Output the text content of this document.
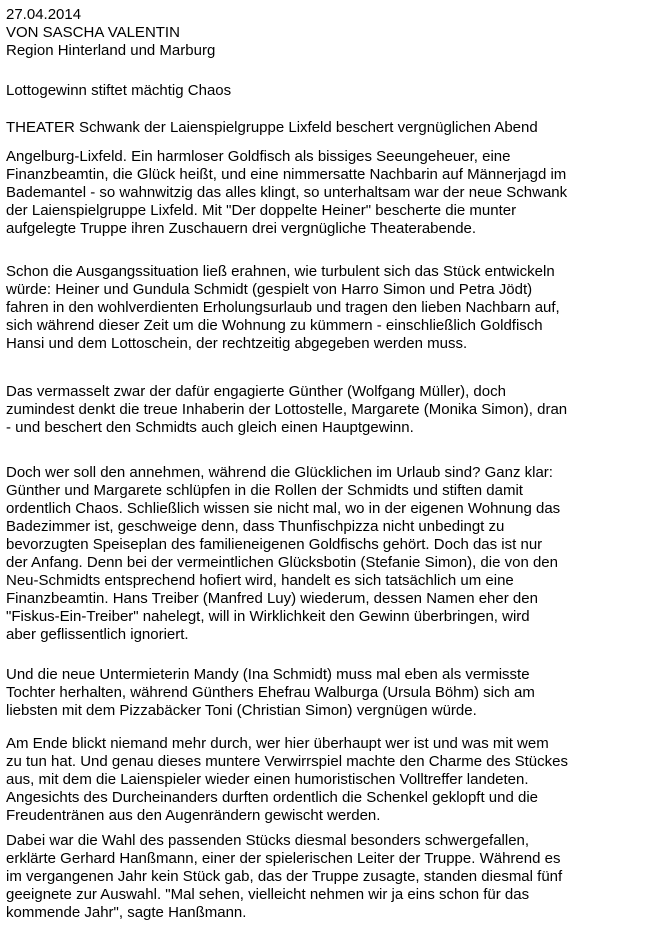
27.04.2014
VON SASCHA VALENTIN
Region Hinterland und Marburg
Lottogewinn stiftet mächtig Chaos
THEATER Schwank der Laienspielgruppe Lixfeld beschert vergnüglichen Abend
Angelburg-Lixfeld. Ein harmloser Goldfisch als bissiges Seeungeheuer, eine
Finanzbeamtin, die Glück heißt, und eine nimmersatte Nachbarin auf Männerjagd im
Bademantel - so wahnwitzig das alles klingt, so unterhaltsam war der neue Schwank
der Laienspielgruppe Lixfeld. Mit "Der doppelte Heiner" bescherte die munter
aufgelegte Truppe ihren Zuschauern drei vergnügliche Theaterabende.
Schon die Ausgangssituation ließ erahnen, wie turbulent sich das Stück entwickeln
würde: Heiner und Gundula Schmidt (gespielt von Harro Simon und Petra Jödt)
fahren in den wohlverdienten Erholungsurlaub und tragen den lieben Nachbarn auf,
sich während dieser Zeit um die Wohnung zu kümmern - einschließlich Goldfisch
Hansi und dem Lottoschein, der rechtzeitig abgegeben werden muss.
Das vermasselt zwar der dafür engagierte Günther (Wolfgang Müller), doch
zumindest denkt die treue Inhaberin der Lottostelle, Margarete (Monika Simon), dran
- und beschert den Schmidts auch gleich einen Hauptgewinn.
Doch wer soll den annehmen, während die Glücklichen im Urlaub sind? Ganz klar:
Günther und Margarete schlüpfen in die Rollen der Schmidts und stiften damit
ordentlich Chaos. Schließlich wissen sie nicht mal, wo in der eigenen Wohnung das
Badezimmer ist, geschweige denn, dass Thunfischpizza nicht unbedingt zu
bevorzugten Speiseplan des familieneigenen Goldfischs gehört. Doch das ist nur
der Anfang. Denn bei der vermeintlichen Glücksbotin (Stefanie Simon), die von den
Neu-Schmidts entsprechend hofiert wird, handelt es sich tatsächlich um eine
Finanzbeamtin. Hans Treiber (Manfred Luy) wiederum, dessen Namen eher den
"Fiskus-Ein-Treiber" nahelegt, will in Wirklichkeit den Gewinn überbringen, wird
aber geflissentlich ignoriert.
Und die neue Untermieterin Mandy (Ina Schmidt) muss mal eben als vermisste
Tochter herhalten, während Günthers Ehefrau Walburga (Ursula Böhm) sich am
liebsten mit dem Pizzabäcker Toni (Christian Simon) vergnügen würde.
Am Ende blickt niemand mehr durch, wer hier überhaupt wer ist und was mit wem
zu tun hat. Und genau dieses muntere Verwirrspiel machte den Charme des Stückes
aus, mit dem die Laienspieler wieder einen humoristischen Volltreffer landeten.
Angesichts des Durcheinanders durften ordentlich die Schenkel geklopft und die
Freudentränen aus den Augenrändern gewischt werden.
Dabei war die Wahl des passenden Stücks diesmal besonders schwergefallen,
erklärte Gerhard Hanßmann, einer der spielerischen Leiter der Truppe. Während es
im vergangenen Jahr kein Stück gab, das der Truppe zusagte, standen diesmal fünf
geeignete zur Auswahl. "Mal sehen, vielleicht nehmen wir ja eins schon für das
kommende Jahr", sagte Hanßmann.
